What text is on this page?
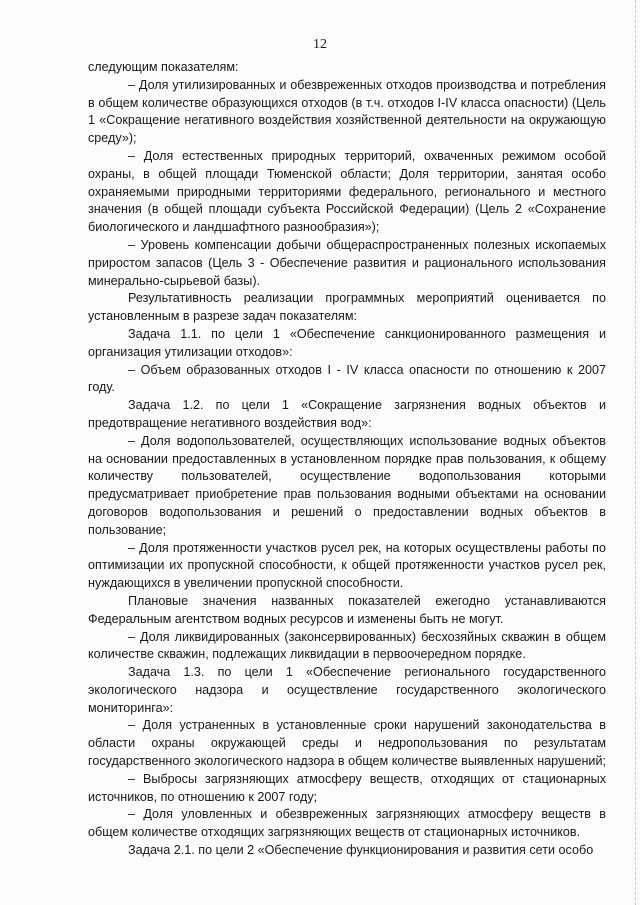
12

следующим показателям:

– Доля утилизированных и обезвреженных отходов производства и потребления в общем количестве образующихся отходов (в т.ч. отходов I-IV класса опасности) (Цель 1 «Сокращение негативного воздействия хозяйственной деятельности на окружающую среду»);

– Доля естественных природных территорий, охваченных режимом особой охраны, в общей площади Тюменской области; Доля территории, занятая особо охраняемыми природными территориями федерального, регионального и местного значения (в общей площади субъекта Российской Федерации) (Цель 2 «Сохранение биологического и ландшафтного разнообразия»);

– Уровень компенсации добычи общераспространенных полезных ископаемых приростом запасов (Цель 3 - Обеспечение развития и рационального использования минерально-сырьевой базы).

Результативность реализации программных мероприятий оценивается по установленным в разрезе задач показателям:

Задача 1.1. по цели 1 «Обеспечение санкционированного размещения и организация утилизации отходов»:

– Объем образованных отходов I - IV класса опасности по отношению к 2007 году.

Задача 1.2. по цели 1 «Сокращение загрязнения водных объектов и предотвращение негативного воздействия вод»:

– Доля водопользователей, осуществляющих использование водных объектов на основании предоставленных в установленном порядке прав пользования, к общему количеству пользователей, осуществление водопользования которыми предусматривает приобретение прав пользования водными объектами на основании договоров водопользования и решений о предоставлении водных объектов в пользование;

– Доля протяженности участков русел рек, на которых осуществлены работы по оптимизации их пропускной способности, к общей протяженности участков русел рек, нуждающихся в увеличении пропускной способности.

Плановые значения названных показателей ежегодно устанавливаются Федеральным агентством водных ресурсов и изменены быть не могут.

– Доля ликвидированных (законсервированных) бесхозяйных скважин в общем количестве скважин, подлежащих ликвидации в первоочередном порядке.

Задача 1.3. по цели 1 «Обеспечение регионального государственного экологического надзора и осуществление государственного экологического мониторинга»:

– Доля устраненных в установленные сроки нарушений законодательства в области охраны окружающей среды и недропользования по результатам государственного экологического надзора в общем количестве выявленных нарушений;

– Выбросы загрязняющих атмосферу веществ, отходящих от стационарных источников, по отношению к 2007 году;

– Доля уловленных и обезвреженных загрязняющих атмосферу веществ в общем количестве отходящих загрязняющих веществ от стационарных источников.

Задача 2.1. по цели 2 «Обеспечение функционирования и развития сети особо
